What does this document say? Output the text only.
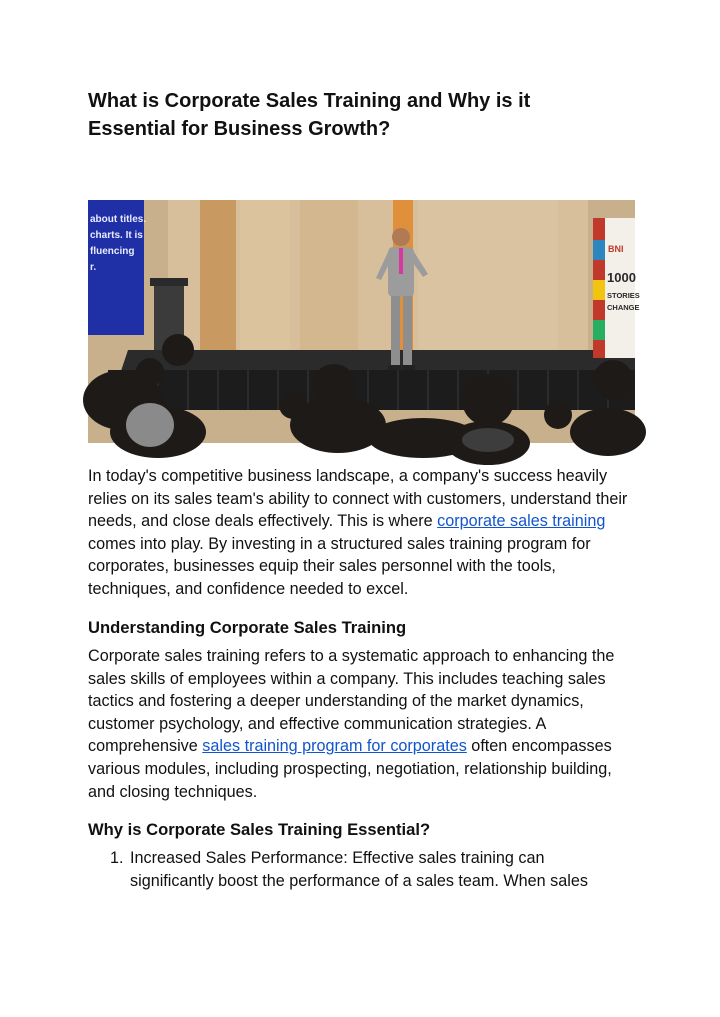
What is Corporate Sales Training and Why is it Essential for Business Growth?
about titles.
charts. It is
fluencing
r.
BNI
1000
STORIES
CHANGE

In today's competitive business landscape, a company's success heavily relies on its sales team's ability to connect with customers, understand their needs, and close deals effectively. This is where corporate sales training comes into play. By investing in a structured sales training program for corporates, businesses equip their sales personnel with the tools, techniques, and confidence needed to excel.

Understanding Corporate Sales Training

Corporate sales training refers to a systematic approach to enhancing the sales skills of employees within a company. This includes teaching sales tactics and fostering a deeper understanding of the market dynamics, customer psychology, and effective communication strategies. A comprehensive sales training program for corporates often encompasses various modules, including prospecting, negotiation, relationship building, and closing techniques.

Why is Corporate Sales Training Essential?
1. Increased Sales Performance: Effective sales training can significantly boost the performance of a sales team. When sales
